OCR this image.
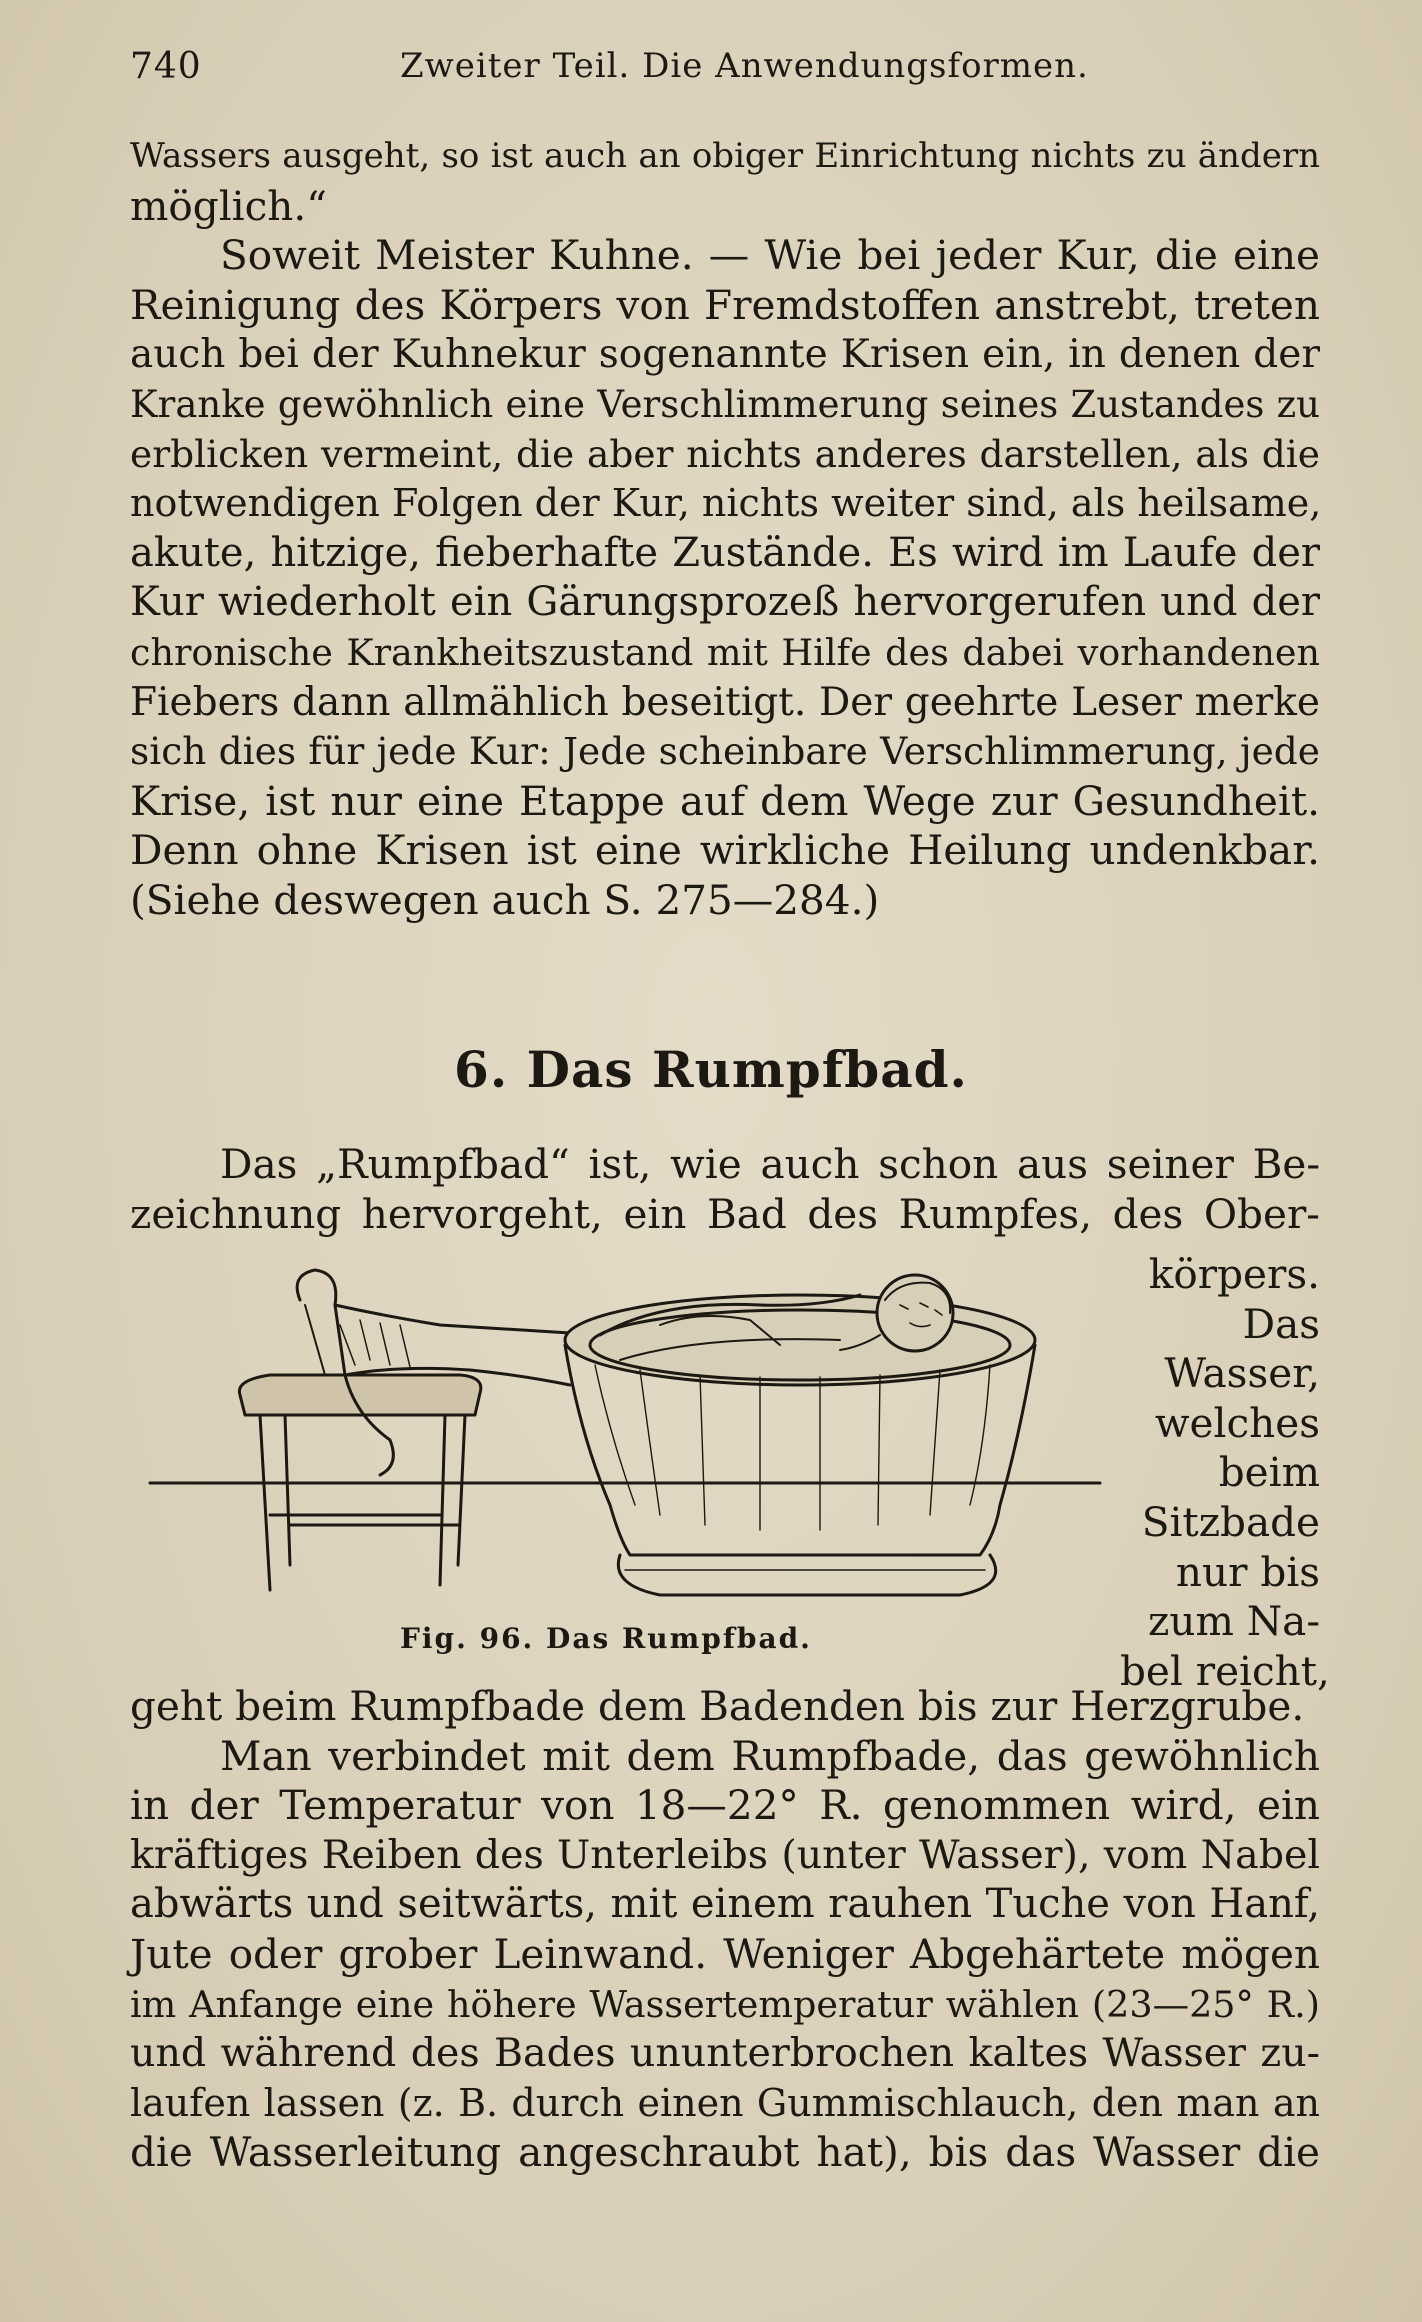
740	Zweiter Teil. Die Anwendungsformen.
Wassers ausgeht, so ist auch an obiger Einrichtung nichts zu ändern
möglich.“
Soweit Meister Kuhne. — Wie bei jeder Kur, die eine
Reinigung des Körpers von Fremdstoffen anstrebt, treten
auch bei der Kuhnekur sogenannte Krisen ein, in denen der
Kranke gewöhnlich eine Verschlimmerung seines Zustandes zu
erblicken vermeint, die aber nichts anderes darstellen, als die
notwendigen Folgen der Kur, nichts weiter sind, als heilsame,
akute, hitzige, fieberhafte Zustände. Es wird im Laufe der
Kur wiederholt ein Gärungsprozeß hervorgerufen und der
chronische Krankheitszustand mit Hilfe des dabei vorhandenen
Fiebers dann allmählich beseitigt. Der geehrte Leser merke
sich dies für jede Kur: Jede scheinbare Verschlimmerung, jede
Krise, ist nur eine Etappe auf dem Wege zur Gesundheit.
Denn ohne Krisen ist eine wirkliche Heilung undenkbar.
(Siehe deswegen auch S. 275—284.)
6. Das Rumpfbad.
Das „Rumpfbad“ ist, wie auch schon aus seiner Be-
zeichnung hervorgeht, ein Bad des Rumpfes, des Ober-
körpers.
Das
Wasser,
welches
beim
Sitzbade
nur bis
zum Na-
bel reicht,
Fig. 96. Das Rumpfbad.
geht beim Rumpfbade dem Badenden bis zur Herzgrube.
Man verbindet mit dem Rumpfbade, das gewöhnlich
in der Temperatur von 18—22° R. genommen wird, ein
kräftiges Reiben des Unterleibs (unter Wasser), vom Nabel
abwärts und seitwärts, mit einem rauhen Tuche von Hanf,
Jute oder grober Leinwand. Weniger Abgehärtete mögen
im Anfange eine höhere Wassertemperatur wählen (23—25° R.)
und während des Bades ununterbrochen kaltes Wasser zu-
laufen lassen (z. B. durch einen Gummischlauch, den man an
die Wasserleitung angeschraubt hat), bis das Wasser die
